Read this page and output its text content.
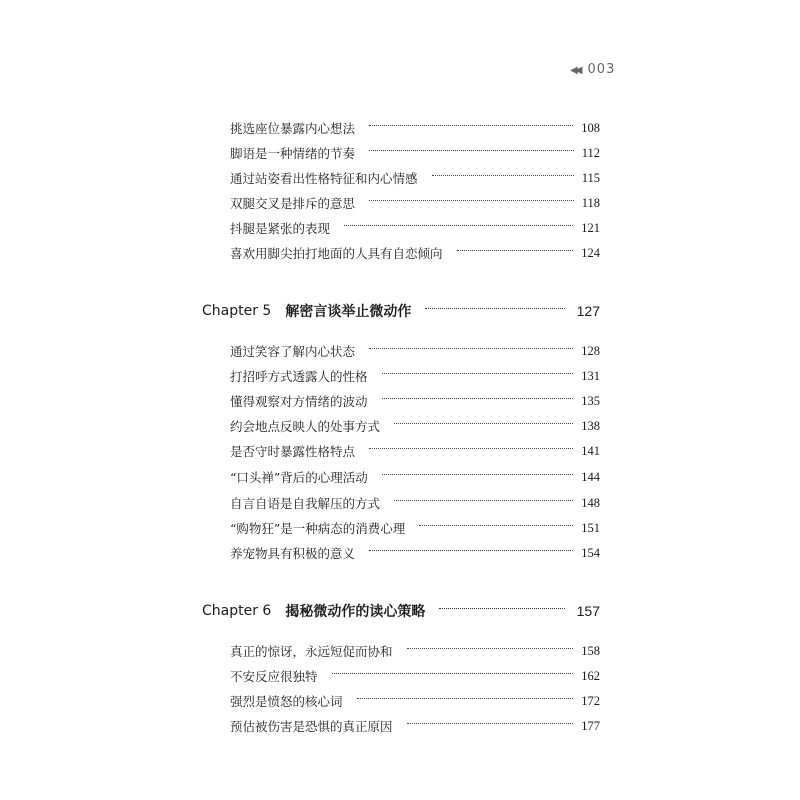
◀◀ 003
挑选座位暴露内心想法	108
脚语是一种情绪的节奏	112
通过站姿看出性格特征和内心情感	115
双腿交叉是排斥的意思	118
抖腿是紧张的表现	121
喜欢用脚尖拍打地面的人具有自恋倾向	124
Chapter 5 解密言谈举止微动作	127
通过笑容了解内心状态	128
打招呼方式透露人的性格	131
懂得观察对方情绪的波动	135
约会地点反映人的处事方式	138
是否守时暴露性格特点	141
“口头禅”背后的心理活动	144
自言自语是自我解压的方式	148
“购物狂”是一种病态的消费心理	151
养宠物具有积极的意义	154
Chapter 6 揭秘微动作的读心策略	157
真正的惊讶，永远短促而协和	158
不安反应很独特	162
强烈是愤怒的核心词	172
预估被伤害是恐惧的真正原因	177
